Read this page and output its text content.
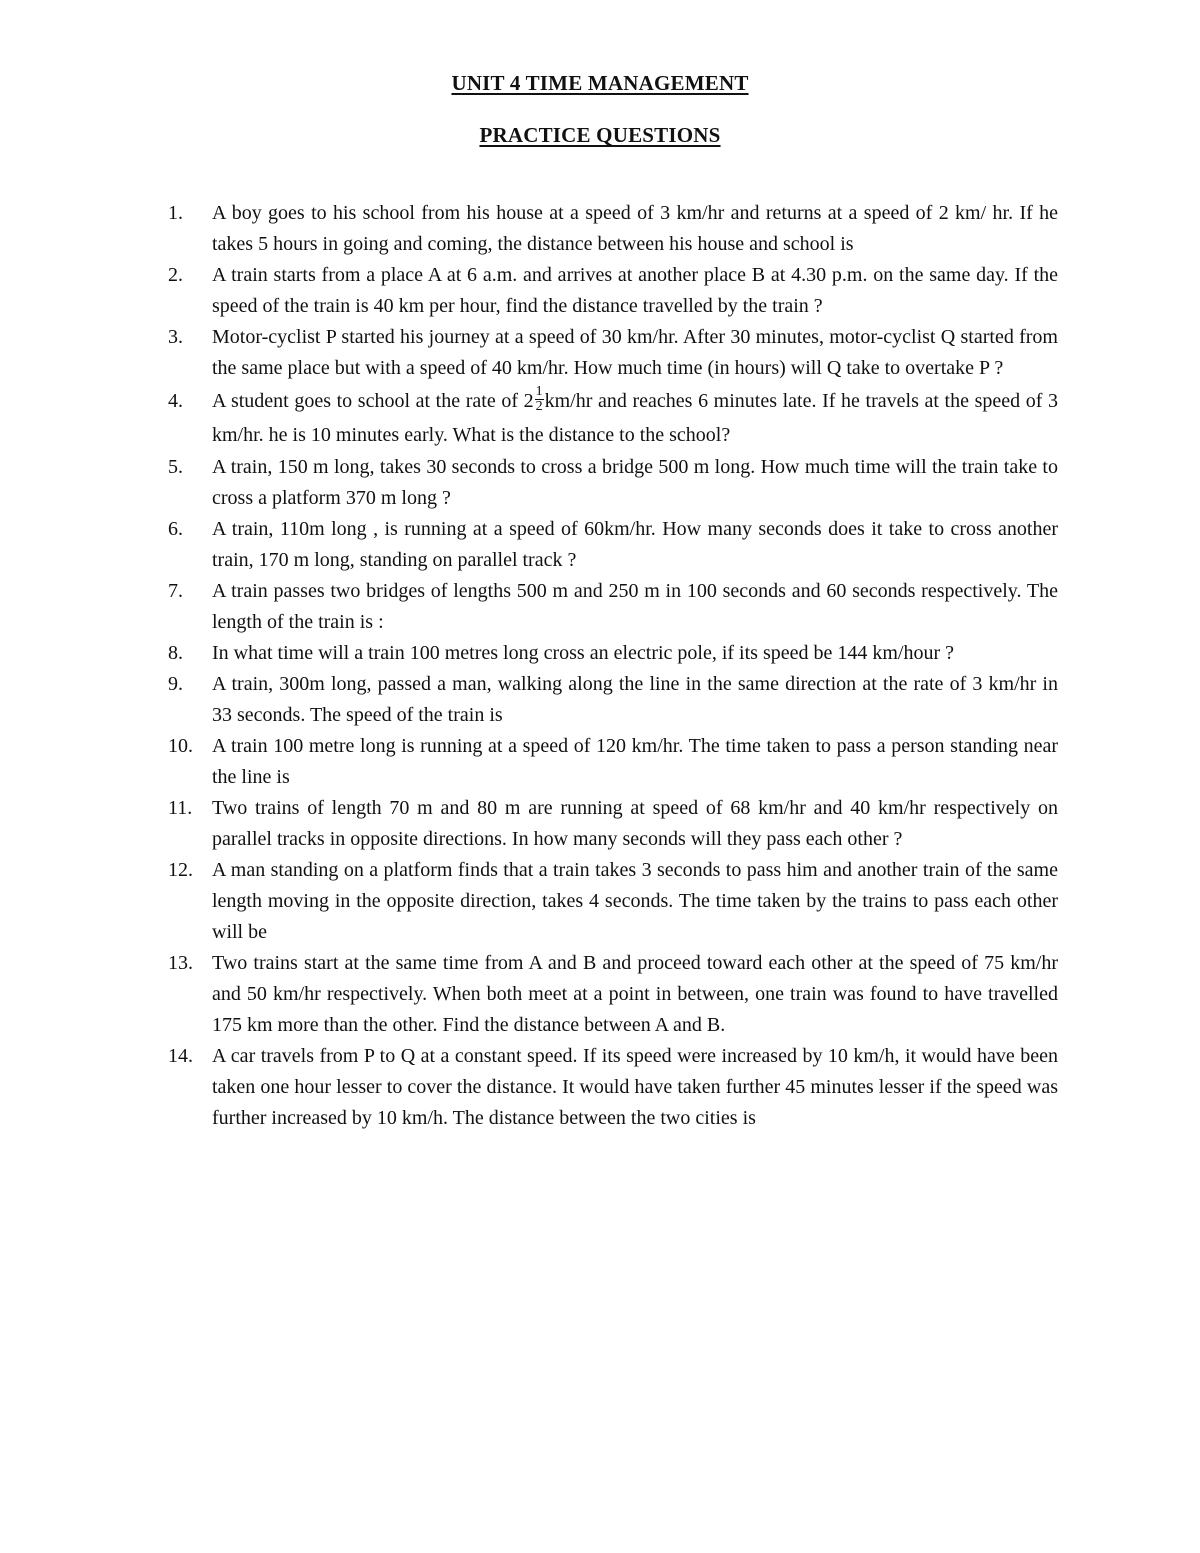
UNIT 4 TIME MANAGEMENT
PRACTICE QUESTIONS
1.	A boy goes to his school from his house at a speed of 3 km/hr and returns at a speed of 2 km/ hr. If he takes 5 hours in going and coming, the distance between his house and school is
2.	A train starts from a place A at 6 a.m. and arrives at another place B at 4.30 p.m. on the same day. If the speed of the train is 40 km per hour, find the distance travelled by the train ?
3.	Motor-cyclist P started his journey at a speed of 30 km/hr. After 30 minutes, motor-cyclist Q started from the same place but with a speed of 40 km/hr. How much time (in hours) will Q take to overtake P ?
4.	A student goes to school at the rate of $2 \frac{1}{2} km/hr$ and reaches 6 minutes late. If he travels at the speed of 3 km/hr. he is 10 minutes early. What is the distance to the school?
5.	A train, 150 m long, takes 30 seconds to cross a bridge 500 m long. How much time will the train take to cross a platform 370 m long ?
6.	A train, 110m long , is running at a speed of 60km/hr. How many seconds does it take to cross another train, 170 m long, standing on parallel track ?
7.	A train passes two bridges of lengths 500 m and 250 m in 100 seconds and 60 seconds respectively. The length of the train is :
8.	In what time will a train 100 metres long cross an electric pole, if its speed be 144 km/hour ?
9.	A train, 300m long, passed a man, walking along the line in the same direction at the rate of 3 km/hr in 33 seconds. The speed of the train is
10. A train 100 metre long is running at a speed of 120 km/hr. The time taken to pass a person standing near the line is
11. Two trains of length 70 m and 80 m are running at speed of 68 km/hr and 40 km/hr respectively on parallel tracks in opposite directions. In how many seconds will they pass each other ?
12. A man standing on a platform finds that a train takes 3 seconds to pass him and another train of the same length moving in the opposite direction, takes 4 seconds. The time taken by the trains to pass each other will be
13. Two trains start at the same time from A and B and proceed toward each other at the speed of 75 km/hr and 50 km/hr respectively. When both meet at a point in between, one train was found to have travelled 175 km more than the other. Find the distance between A and B.
14. A car travels from P to Q at a constant speed. If its speed were increased by 10 km/h, it would have been taken one hour lesser to cover the distance. It would have taken further 45 minutes lesser if the speed was further increased by 10 km/h. The distance between the two cities is
